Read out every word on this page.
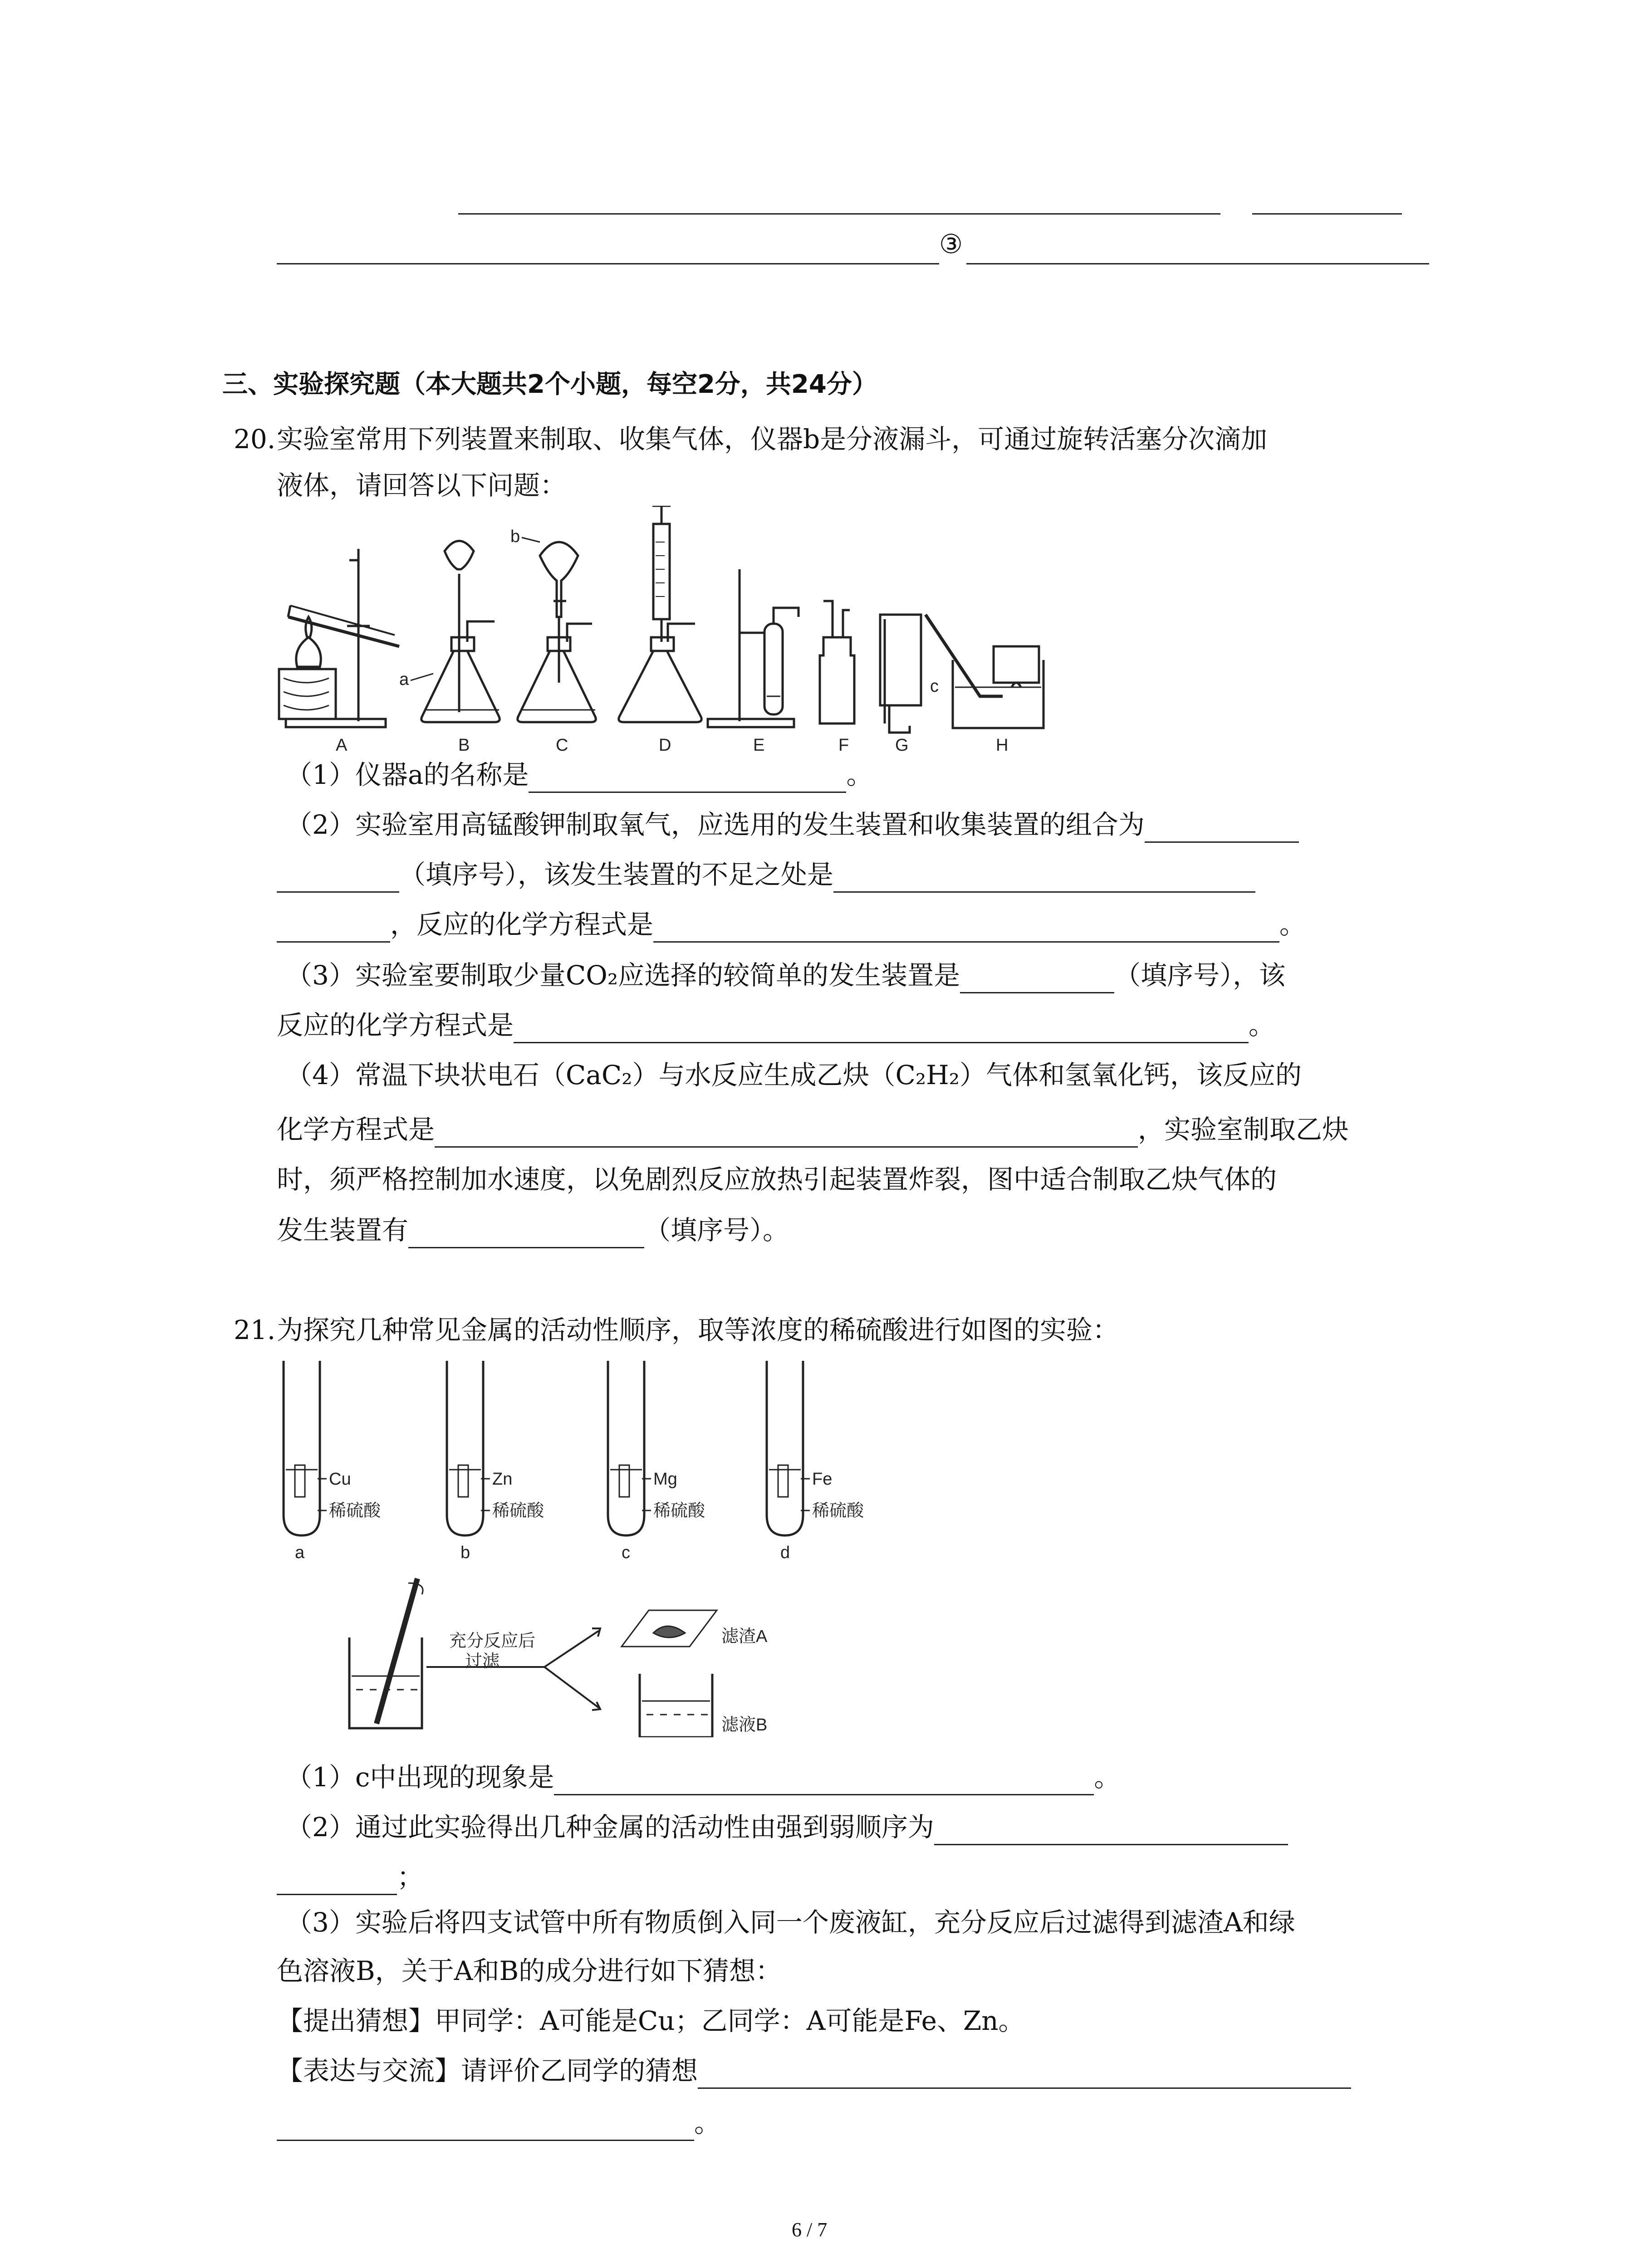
③
三、实验探究题（本大题共2个小题，每空2分，共24分）
20. 实验室常用下列装置来制取、收集气体，仪器b是分液漏斗，可通过旋转活塞分次滴加
液体，请回答以下问题：
A	B	C	D	E	F	G	H
a
b
c
（1）仪器a的名称是	。
（2）实验室用高锰酸钾制取氧气，应选用的发生装置和收集装置的组合为
（填序号），该发生装置的不足之处是
，反应的化学方程式是	。
（3）实验室要制取少量CO₂应选择的较简单的发生装置是	（填序号），该
反应的化学方程式是	。
（4）常温下块状电石（CaC₂）与水反应生成乙炔（C₂H₂）气体和氢氧化钙，该反应的
化学方程式是	，实验室制取乙炔
时，须严格控制加水速度，以免剧烈反应放热引起装置炸裂，图中适合制取乙炔气体的
发生装置有	（填序号）。
21. 为探究几种常见金属的活动性顺序，取等浓度的稀硫酸进行如图的实验：
Cu
稀硫酸
a
Zn
稀硫酸
b
Mg
稀硫酸
c
Fe
稀硫酸
d
充分反应后
过滤
滤渣A
滤液B
（1）c中出现的现象是	。
（2）通过此实验得出几种金属的活动性由强到弱顺序为
；
（3）实验后将四支试管中所有物质倒入同一个废液缸，充分反应后过滤得到滤渣A和绿
色溶液B，关于A和B的成分进行如下猜想：
【提出猜想】甲同学：A可能是Cu；乙同学：A可能是Fe、Zn。
【表达与交流】请评价乙同学的猜想
。
6 / 7
